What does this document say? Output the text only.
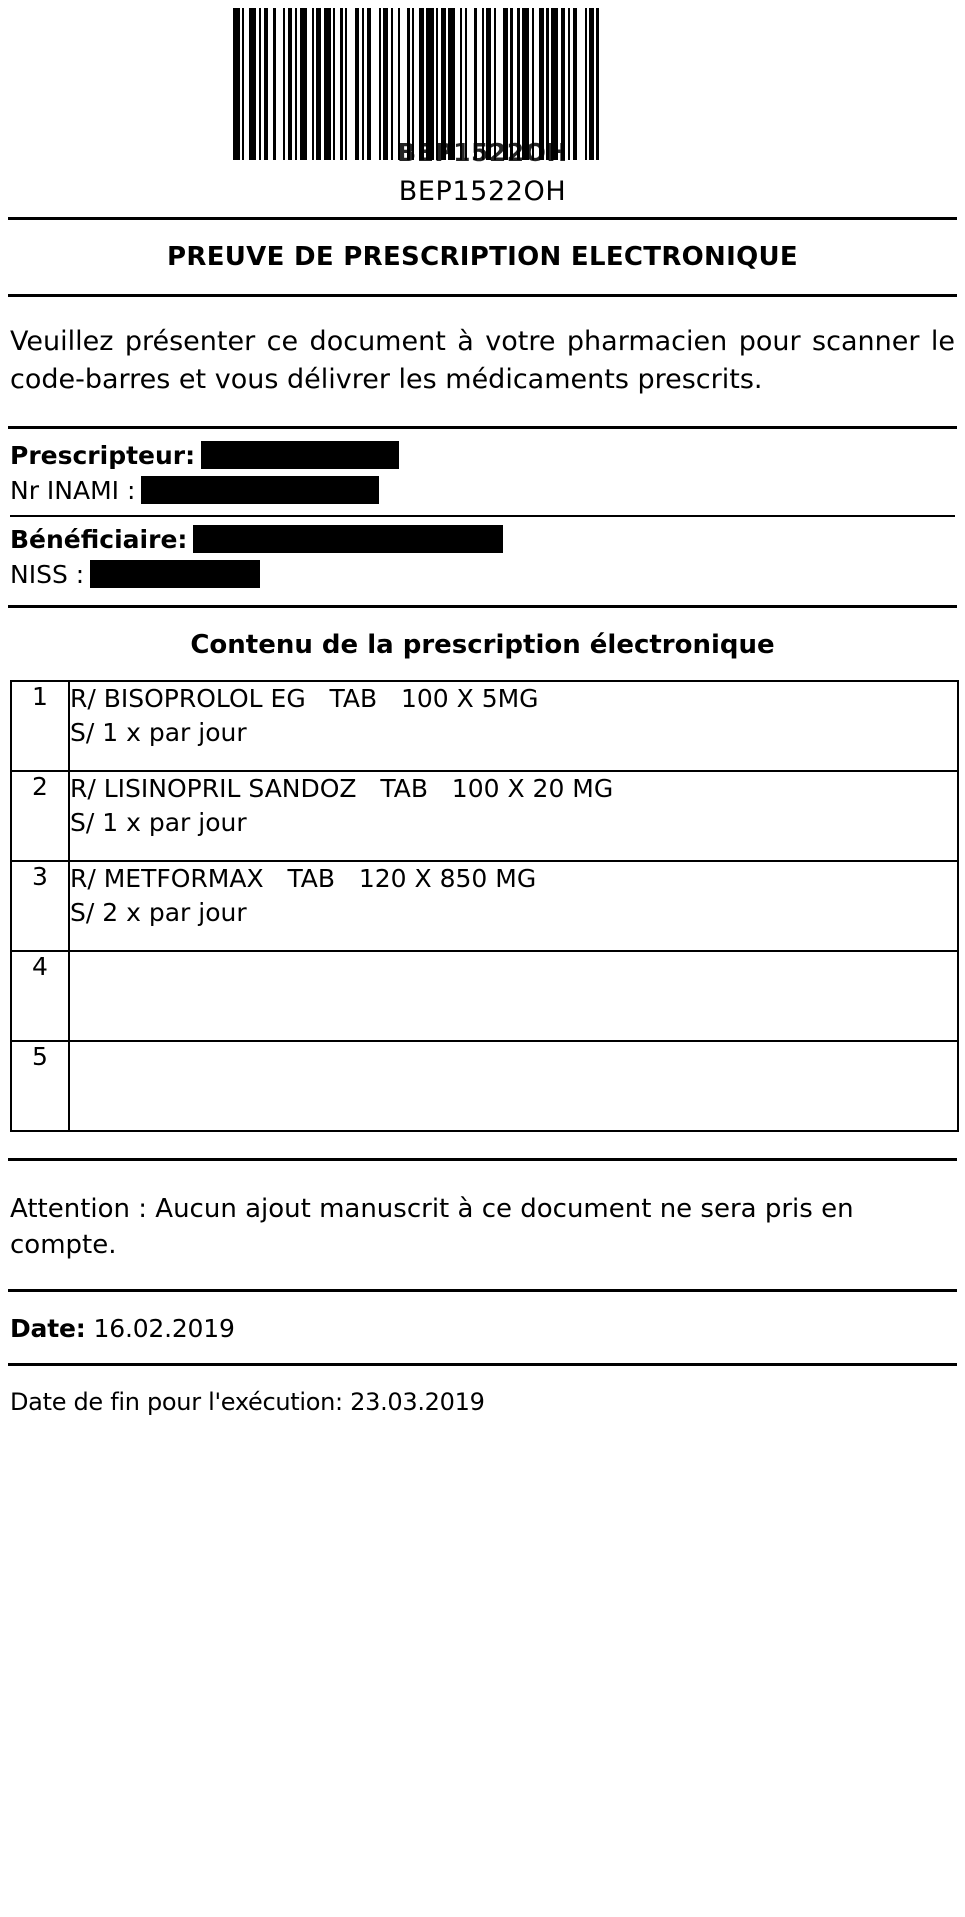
BEP1522OH
BEP1522OH
PREUVE DE PRESCRIPTION ELECTRONIQUE
Veuillez présenter ce document à votre pharmacien pour scanner le code-barres et vous délivrer les médicaments prescrits.
Prescripteur:
Nr INAMI :
Bénéficiaire:
NISS :
Contenu de la prescription électronique
1	R/ BISOPROLOL EG   TAB   100 X 5MG
S/ 1 x par jour

2	R/ LISINOPRIL SANDOZ   TAB   100 X 20 MG
S/ 1 x par jour

3	R/ METFORMAX   TAB   120 X 850 MG
S/ 2 x par jour

4	

5	
Attention : Aucun ajout manuscrit à ce document ne sera pris en compte.
Date: 16.02.2019
Date de fin pour l'exécution: 23.03.2019
